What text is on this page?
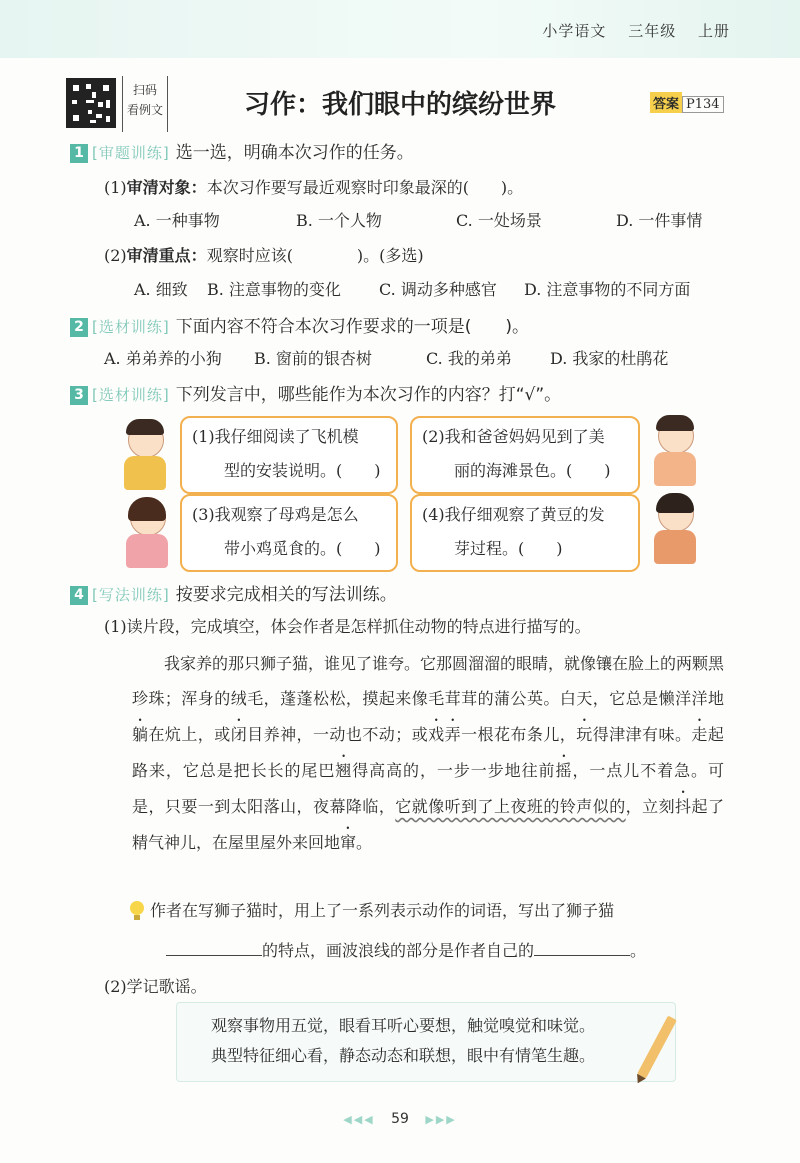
小学语文 三年级 上册
扫码
看例文	习作：我们眼中的缤纷世界	答案 P134
1 [审题训练] 选一选，明确本次习作的任务。
(1)审清对象：本次习作要写最近观察时印象最深的(　　)。
A. 一种事物	B. 一个人物	C. 一处场景	D. 一件事情
(2)审清重点：观察时应该(　　　　)。(多选)
A. 细致 B. 注意事物的变化 C. 调动多种感官 D. 注意事物的不同方面
2 [选材训练] 下面内容不符合本次习作要求的一项是(　　)。
A. 弟弟养的小狗 B. 窗前的银杏树	C. 我的弟弟 D. 我家的杜鹃花
3 [选材训练] 下列发言中，哪些能作为本次习作的内容？打“√”。
(1)我仔细阅读了飞机模
型的安装说明。(　　)
(2)我和爸爸妈妈见到了美
丽的海滩景色。(　　)
(3)我观察了母鸡是怎么
带小鸡觅食的。(　　)
(4)我仔细观察了黄豆的发
芽过程。(　　)
4 [写法训练] 按要求完成相关的写法训练。
(1)读片段，完成填空，体会作者是怎样抓住动物的特点进行描写的。

我家养的那只狮子猫，谁见了谁夸。它那圆溜溜的眼睛，就像镶在脸上的两颗黑珍珠；浑身的绒毛，蓬蓬松松，摸起来像毛茸茸的蒲公英。白天，它总是懒洋洋地躺在炕上，或闭目养神，一动也不动；或戏弄一根花布条儿，玩得津津有味。走起路来，它总是把长长的尾巴翘得高高的，一步一步地往前摇，一点儿不着急。可是，只要一到太阳落山，夜幕降临，它就像听到了上夜班的铃声似的，立刻抖起了精气神儿，在屋里屋外来回地窜。

作者在写狮子猫时，用上了一系列表示动作的词语，写出了狮子猫
的特点，画波浪线的部分是作者自己的	。
(2)学记歌谣。
观察事物用五觉，眼看耳听心要想，触觉嗅觉和味觉。
典型特征细心看，静态动态和联想，眼中有情笔生趣。
◀◀◀ 59 ▶▶▶
